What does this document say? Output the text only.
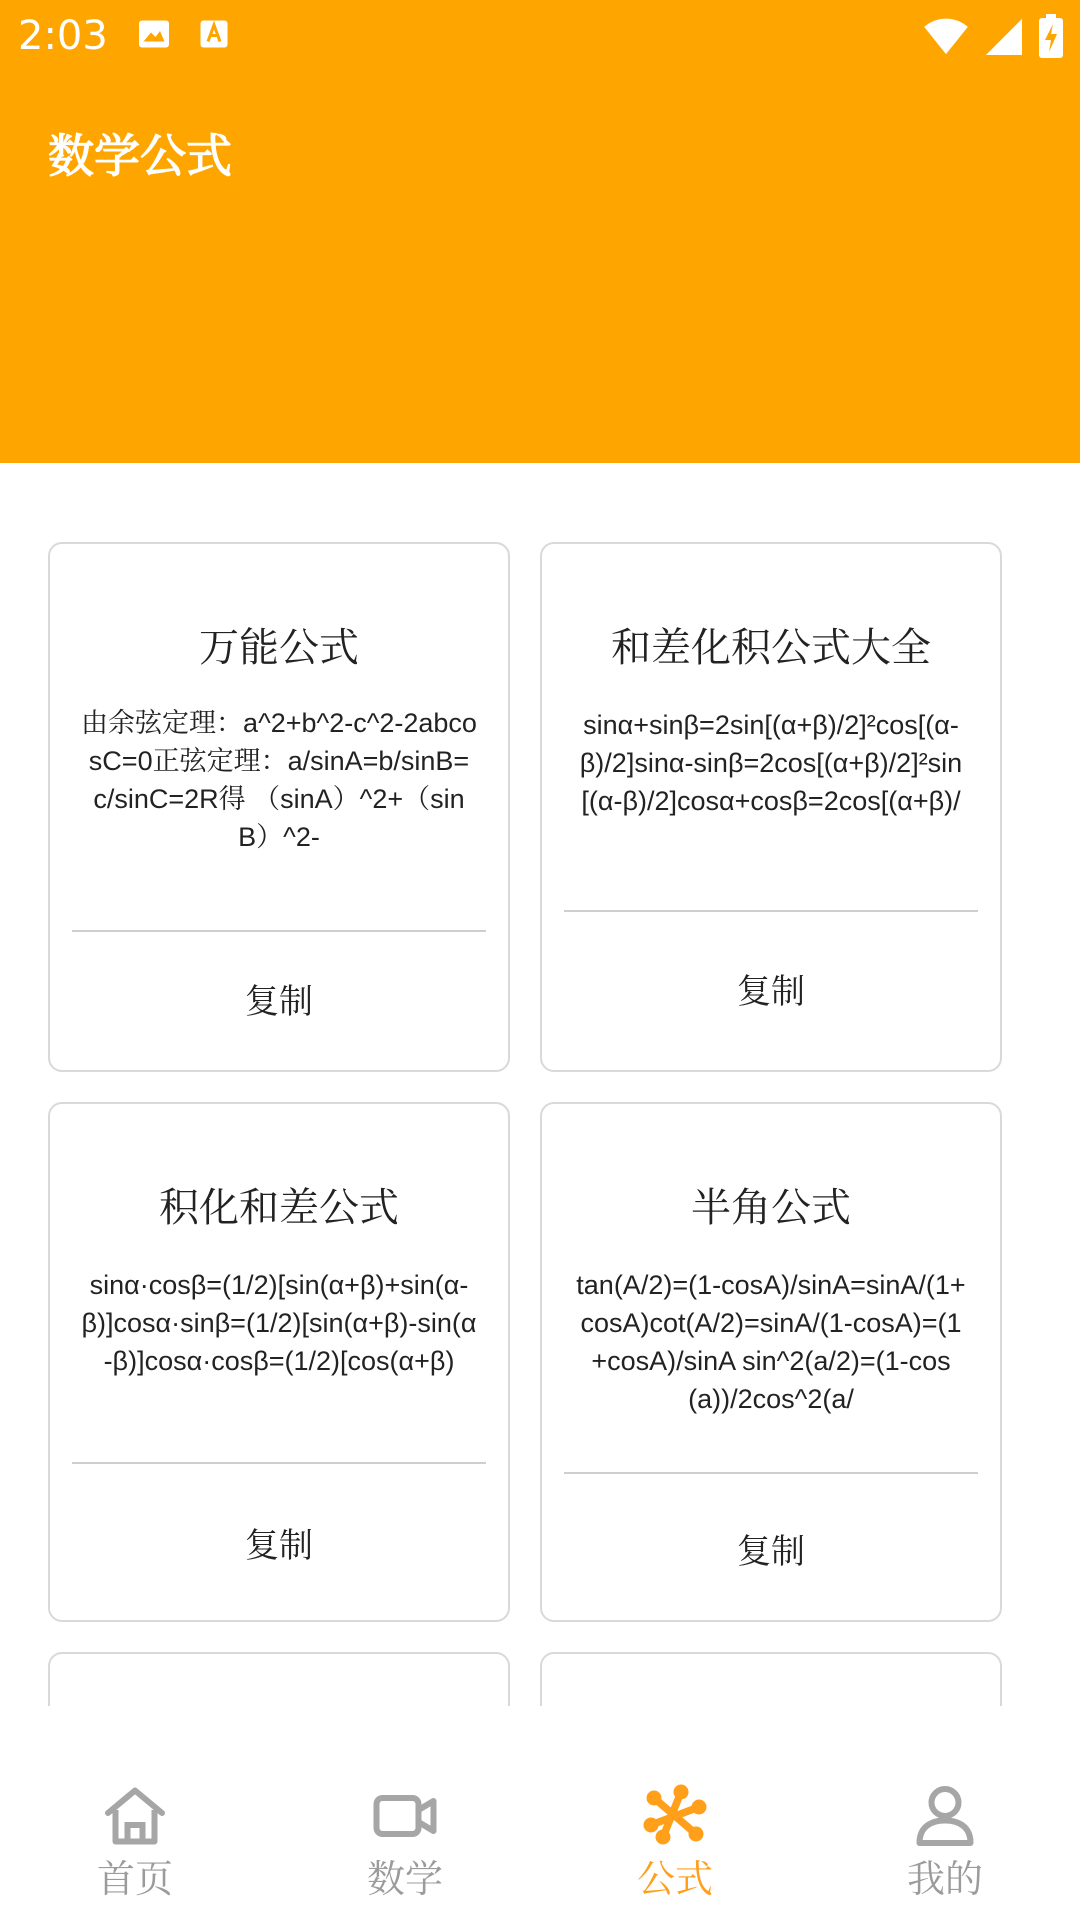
2:03
数学公式
万能公式
由余弦定理：a^2+b^2-c^2-2abcosC=0正弦定理：a/sinA=b/sinB=c/sinC=2R得 （sinA）^2+（sinB）^2-
复制
和差化积公式大全
sinα+sinβ=2sin[(α+β)/2]²cos[(α-β)/2]sinα-sinβ=2cos[(α+β)/2]²sin[(α-β)/2]cosα+cosβ=2cos[(α+β)/
复制
积化和差公式
sinα·cosβ=(1/2)[sin(α+β)+sin(α-β)]cosα·sinβ=(1/2)[sin(α+β)-sin(α-β)]cosα·cosβ=(1/2)[cos(α+β)
复制
半角公式
tan(A/2)=(1-cosA)/sinA=sinA/(1+cosA)cot(A/2)=sinA/(1-cosA)=(1+cosA)/sinA sin^2(a/2)=(1-cos(a))/2cos^2(a/
复制
首页	数学	公式	我的
